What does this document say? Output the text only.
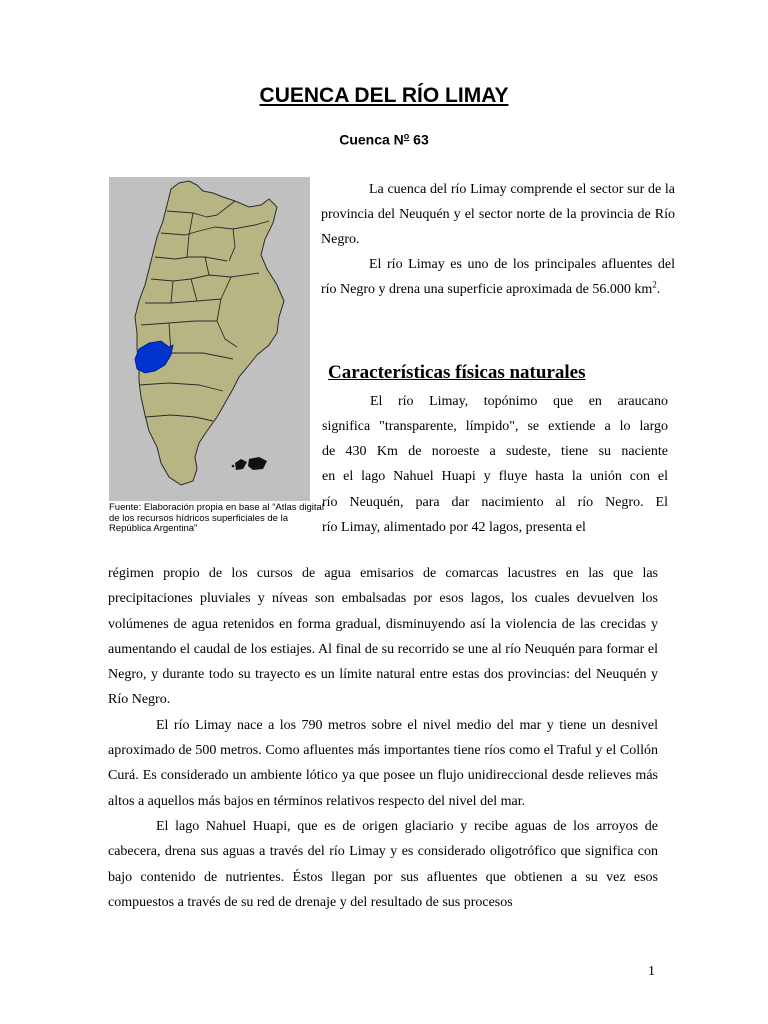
CUENCA DEL RÍO LIMAY
Cuenca $N^o$ 63
Fuente: Elaboración propia en base al “Atlas digital de los recursos hídricos superficiales de la República Argentina”
La cuenca del río Limay comprende el sector sur de la provincia del Neuquén y el sector norte de la provincia de Río Negro.
El río Limay es uno de los principales afluentes del río Negro y drena una superficie aproximada de 56.000 $km^2$.
Características físicas naturales
El río Limay, topónimo que en araucano
significa "transparente, límpido", se extiende a lo largo
de 430 Km de noroeste a sudeste, tiene su naciente
en el lago Nahuel Huapi y fluye hasta la unión con el
río Neuquén, para dar nacimiento al río Negro. El
río Limay, alimentado por 42 lagos, presenta el

régimen propio de los cursos de agua emisarios de comarcas lacustres en las que las precipitaciones pluviales y níveas son embalsadas por esos lagos, los cuales devuelven los volúmenes de agua retenidos en forma gradual, disminuyendo así la violencia de las crecidas y aumentando el caudal de los estiajes. Al final de su recorrido se une al río Neuquén para formar el Negro, y durante todo su trayecto es un límite natural entre estas dos provincias: del Neuquén y Río Negro.

El río Limay nace a los 790 metros sobre el nivel medio del mar y tiene un desnivel aproximado de 500 metros. Como afluentes más importantes tiene ríos como el Traful y el Collón Curá. Es considerado un ambiente lótico ya que posee un flujo unidireccional desde relieves más altos a aquellos más bajos en términos relativos respecto del nivel del mar.

El lago Nahuel Huapi, que es de origen glaciario y recibe aguas de los arroyos de cabecera, drena sus aguas a través del río Limay y es considerado oligotrófico que significa con bajo contenido de nutrientes. Éstos llegan por sus afluentes que obtienen a su vez esos compuestos a través de su red de drenaje y del resultado de sus procesos

1
